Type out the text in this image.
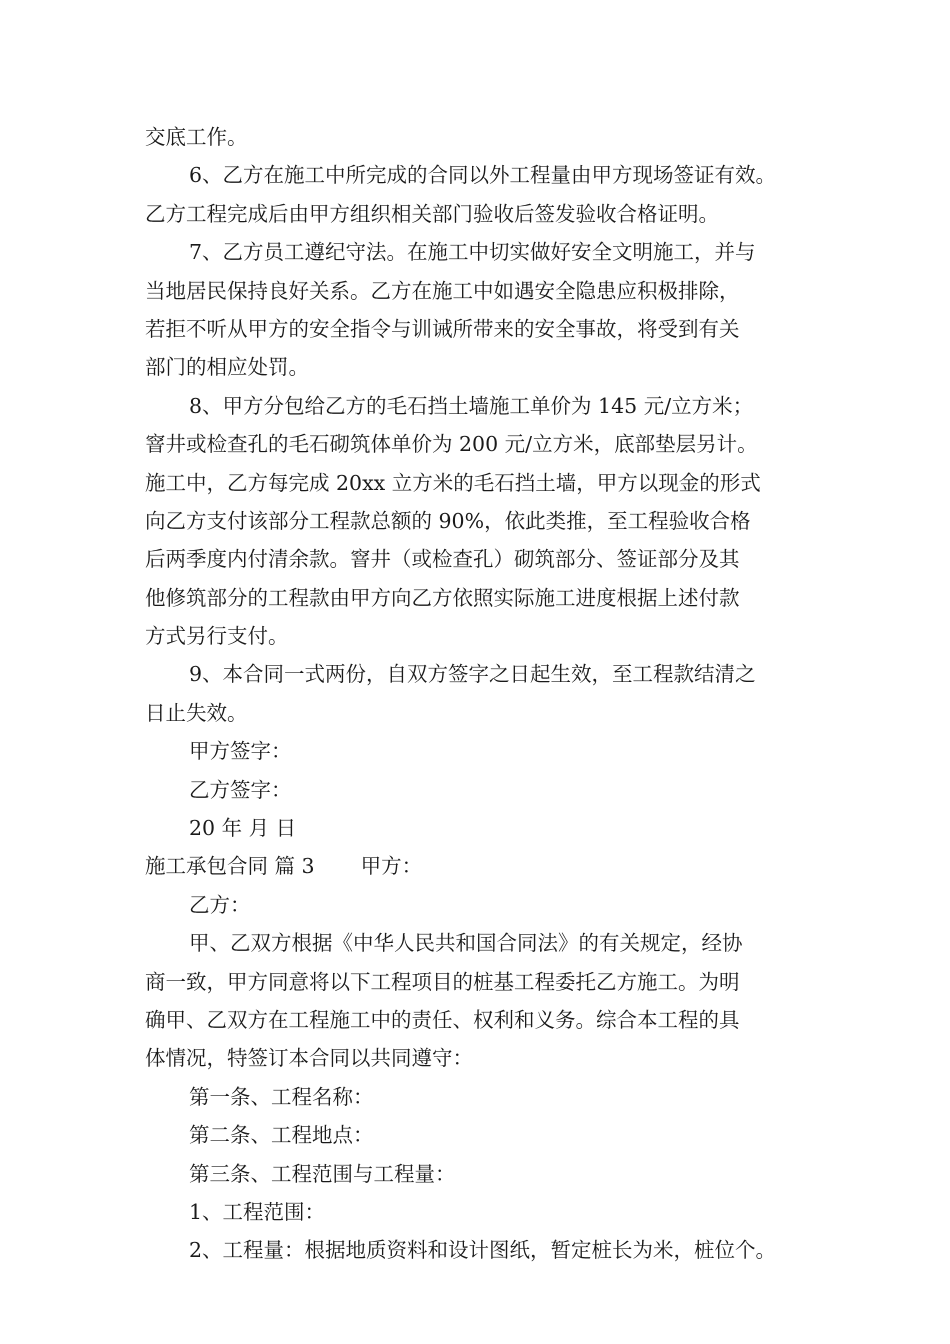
交底工作。
6、乙方在施工中所完成的合同以外工程量由甲方现场签证有效。
乙方工程完成后由甲方组织相关部门验收后签发验收合格证明。
7、乙方员工遵纪守法。在施工中切实做好安全文明施工，并与
当地居民保持良好关系。乙方在施工中如遇安全隐患应积极排除，
若拒不听从甲方的安全指令与训诫所带来的安全事故，将受到有关
部门的相应处罚。
8、甲方分包给乙方的毛石挡土墙施工单价为 145 元/立方米；
窨井或检查孔的毛石砌筑体单价为 200 元/立方米，底部垫层另计。
施工中，乙方每完成 20xx 立方米的毛石挡土墙，甲方以现金的形式
向乙方支付该部分工程款总额的 90%，依此类推，至工程验收合格
后两季度内付清余款。窨井（或检查孔）砌筑部分、签证部分及其
他修筑部分的工程款由甲方向乙方依照实际施工进度根据上述付款
方式另行支付。
9、本合同一式两份，自双方签字之日起生效，至工程款结清之
日止失效。
甲方签字：
乙方签字：
20 年 月 日
施工承包合同 篇 3 甲方：
乙方：
甲、乙双方根据《中华人民共和国合同法》的有关规定，经协
商一致，甲方同意将以下工程项目的桩基工程委托乙方施工。为明
确甲、乙双方在工程施工中的责任、权利和义务。综合本工程的具
体情况，特签订本合同以共同遵守：
第一条、工程名称：
第二条、工程地点：
第三条、工程范围与工程量：
1、工程范围：
2、工程量：根据地质资料和设计图纸，暂定桩长为米，桩位个。
